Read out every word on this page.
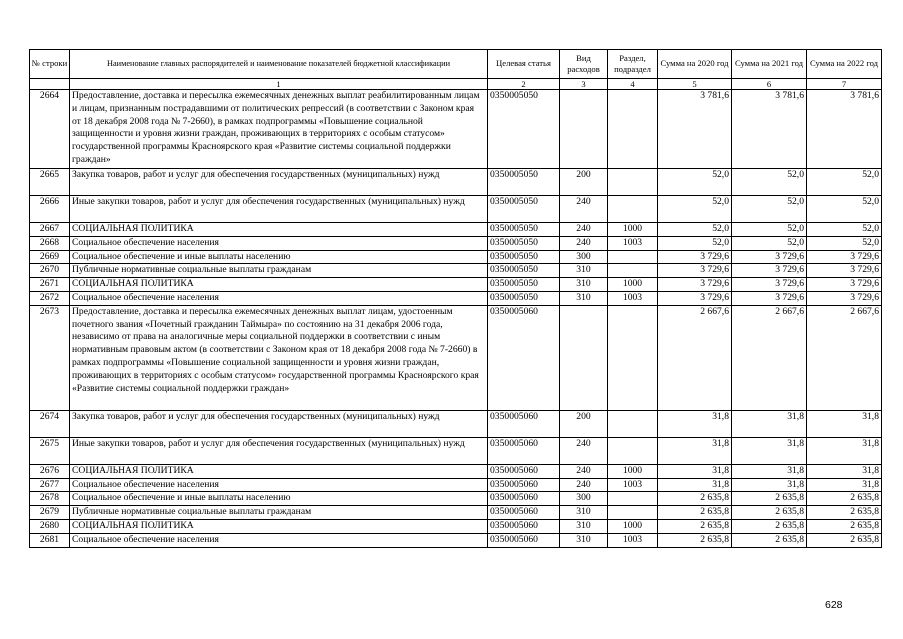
№ строки	Наименование главных распорядителей и наименование показателей бюджетной классификации	Целевая статья	Вид расходов	Раздел, подраздел	Сумма на 2020 год	Сумма на 2021 год	Сумма на 2022 год
	1	2	3	4	5	6	7
2664	Предоставление, доставка и пересылка ежемесячных денежных выплат реабилитированным лицам и лицам, признанным пострадавшими от политических репрессий (в соответствии с Законом края от 18 декабря 2008 года № 7-2660), в рамках подпрограммы «Повышение социальной защищенности и уровня жизни граждан, проживающих в территориях с особым статусом» государственной программы Красноярского края «Развитие системы социальной поддержки граждан»	0350005050			3 781,6	3 781,6	3 781,6
2665	Закупка товаров, работ и услуг для обеспечения государственных (муниципальных) нужд	0350005050	200		52,0	52,0	52,0
2666	Иные закупки товаров, работ и услуг для обеспечения государственных (муниципальных) нужд	0350005050	240		52,0	52,0	52,0
2667	СОЦИАЛЬНАЯ ПОЛИТИКА	0350005050	240	1000	52,0	52,0	52,0
2668	Социальное обеспечение населения	0350005050	240	1003	52,0	52,0	52,0
2669	Социальное обеспечение и иные выплаты населению	0350005050	300		3 729,6	3 729,6	3 729,6
2670	Публичные нормативные социальные выплаты гражданам	0350005050	310		3 729,6	3 729,6	3 729,6
2671	СОЦИАЛЬНАЯ ПОЛИТИКА	0350005050	310	1000	3 729,6	3 729,6	3 729,6
2672	Социальное обеспечение населения	0350005050	310	1003	3 729,6	3 729,6	3 729,6
2673	Предоставление, доставка и пересылка ежемесячных денежных выплат лицам, удостоенным почетного звания «Почетный гражданин Таймыра» по состоянию на 31 декабря 2006 года, независимо от права на аналогичные меры социальной поддержки в соответствии с иным нормативным правовым актом (в соответствии с Законом края от 18 декабря 2008 года № 7-2660) в рамках подпрограммы «Повышение социальной защищенности и уровня жизни граждан, проживающих в территориях с особым статусом» государственной программы Красноярского края «Развитие системы социальной поддержки граждан»	0350005060			2 667,6	2 667,6	2 667,6
2674	Закупка товаров, работ и услуг для обеспечения государственных (муниципальных) нужд	0350005060	200		31,8	31,8	31,8
2675	Иные закупки товаров, работ и услуг для обеспечения государственных (муниципальных) нужд	0350005060	240		31,8	31,8	31,8
2676	СОЦИАЛЬНАЯ ПОЛИТИКА	0350005060	240	1000	31,8	31,8	31,8
2677	Социальное обеспечение населения	0350005060	240	1003	31,8	31,8	31,8
2678	Социальное обеспечение и иные выплаты населению	0350005060	300		2 635,8	2 635,8	2 635,8
2679	Публичные нормативные социальные выплаты гражданам	0350005060	310		2 635,8	2 635,8	2 635,8
2680	СОЦИАЛЬНАЯ ПОЛИТИКА	0350005060	310	1000	2 635,8	2 635,8	2 635,8
2681	Социальное обеспечение населения	0350005060	310	1003	2 635,8	2 635,8	2 635,8
628
